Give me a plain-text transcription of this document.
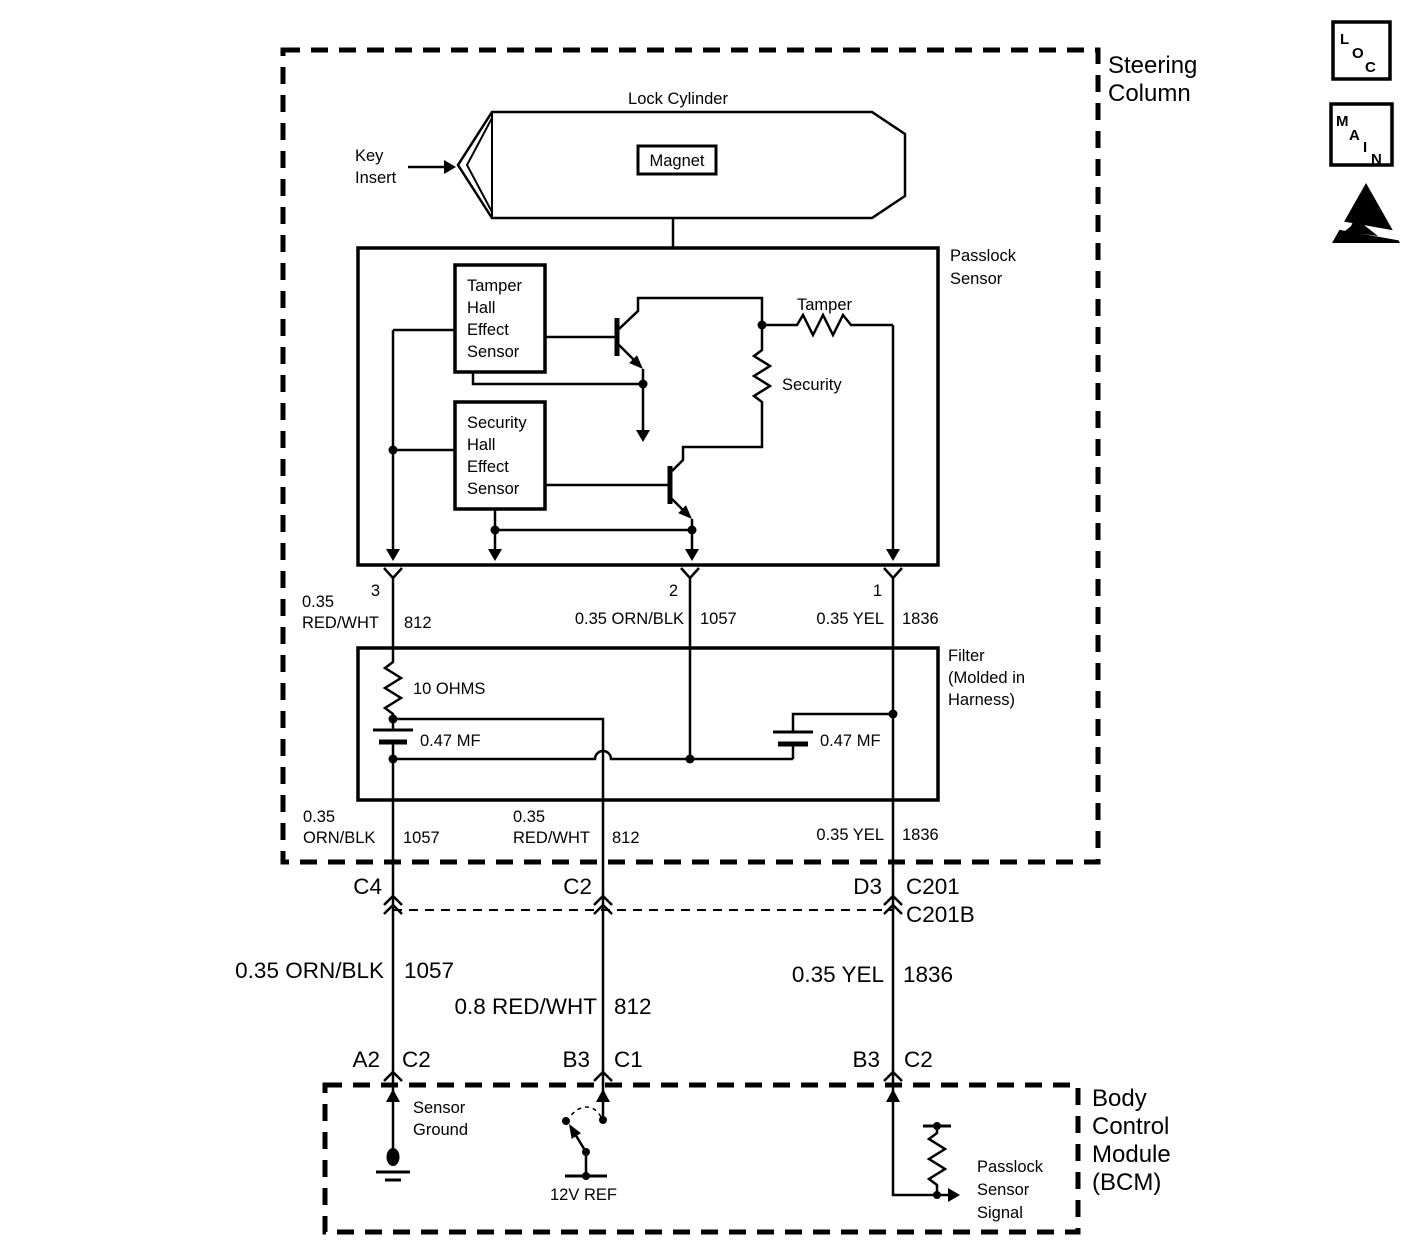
Steering
Column
Lock Cylinder
Magnet
Key
Insert
Passlock
Sensor
Tamper
Hall
Effect
Sensor
Security
Hall
Effect
Sensor
Tamper
Security
3	2	1
0.35
RED/WHT 812	0.35 ORN/BLK 1057	0.35 YEL 1836
Filter
(Molded in
Harness)
10 OHMS
0.47 MF	0.47 MF
0.35
ORN/BLK 1057
0.35
RED/WHT 812	0.35 YEL 1836
C4	C2	D3 C201
C201B
0.35 ORN/BLK 1057
0.8 RED/WHT 812
0.35 YEL 1836
A2 C2	B3 C1	B3 C2
Body
Control
Module
(BCM)
Sensor
Ground
12V REF
Passlock
Sensor
Signal
L
O
C
M
A
I
N
